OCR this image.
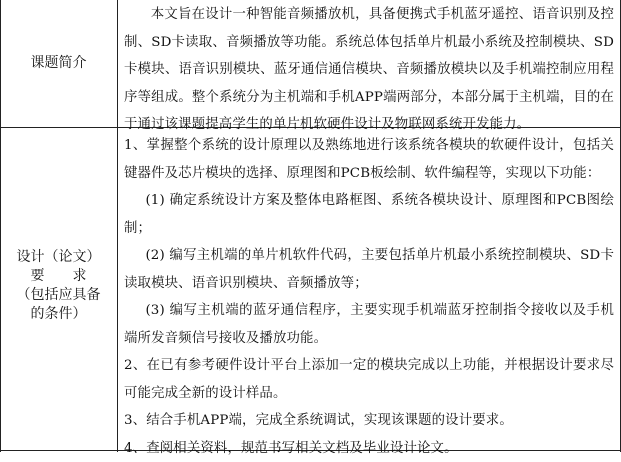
课题简介

本文旨在设计一种智能音频播放机，具备便携式手机蓝牙遥控、语音识别及控制、SD卡读取、音频播放等功能。系统总体包括单片机最小系统及控制模块、SD卡模块、语音识别模块、蓝牙通信通信模块、音频播放模块以及手机端控制应用程序等组成。整个系统分为主机端和手机APP端两部分，本部分属于主机端，目的在于通过该课题提高学生的单片机软硬件设计及物联网系统开发能力。

设计（论文）
要　　求
（包括应具备
的条件）

1、掌握整个系统的设计原理以及熟练地进行该系统各模块的软硬件设计，包括关键器件及芯片模块的选择、原理图和PCB板绘制、软件编程等，实现以下功能：

(1) 确定系统设计方案及整体电路框图、系统各模块设计、原理图和PCB图绘制；

(2) 编写主机端的单片机软件代码，主要包括单片机最小系统控制模块、SD卡读取模块、语音识别模块、音频播放等；

(3) 编写主机端的蓝牙通信程序，主要实现手机端蓝牙控制指令接收以及手机端所发音频信号接收及播放功能。

2、在已有参考硬件设计平台上添加一定的模块完成以上功能，并根据设计要求尽可能完成全新的设计样品。

3、结合手机APP端，完成全系统调试，实现该课题的设计要求。

4、查阅相关资料，规范书写相关文档及毕业设计论文。
